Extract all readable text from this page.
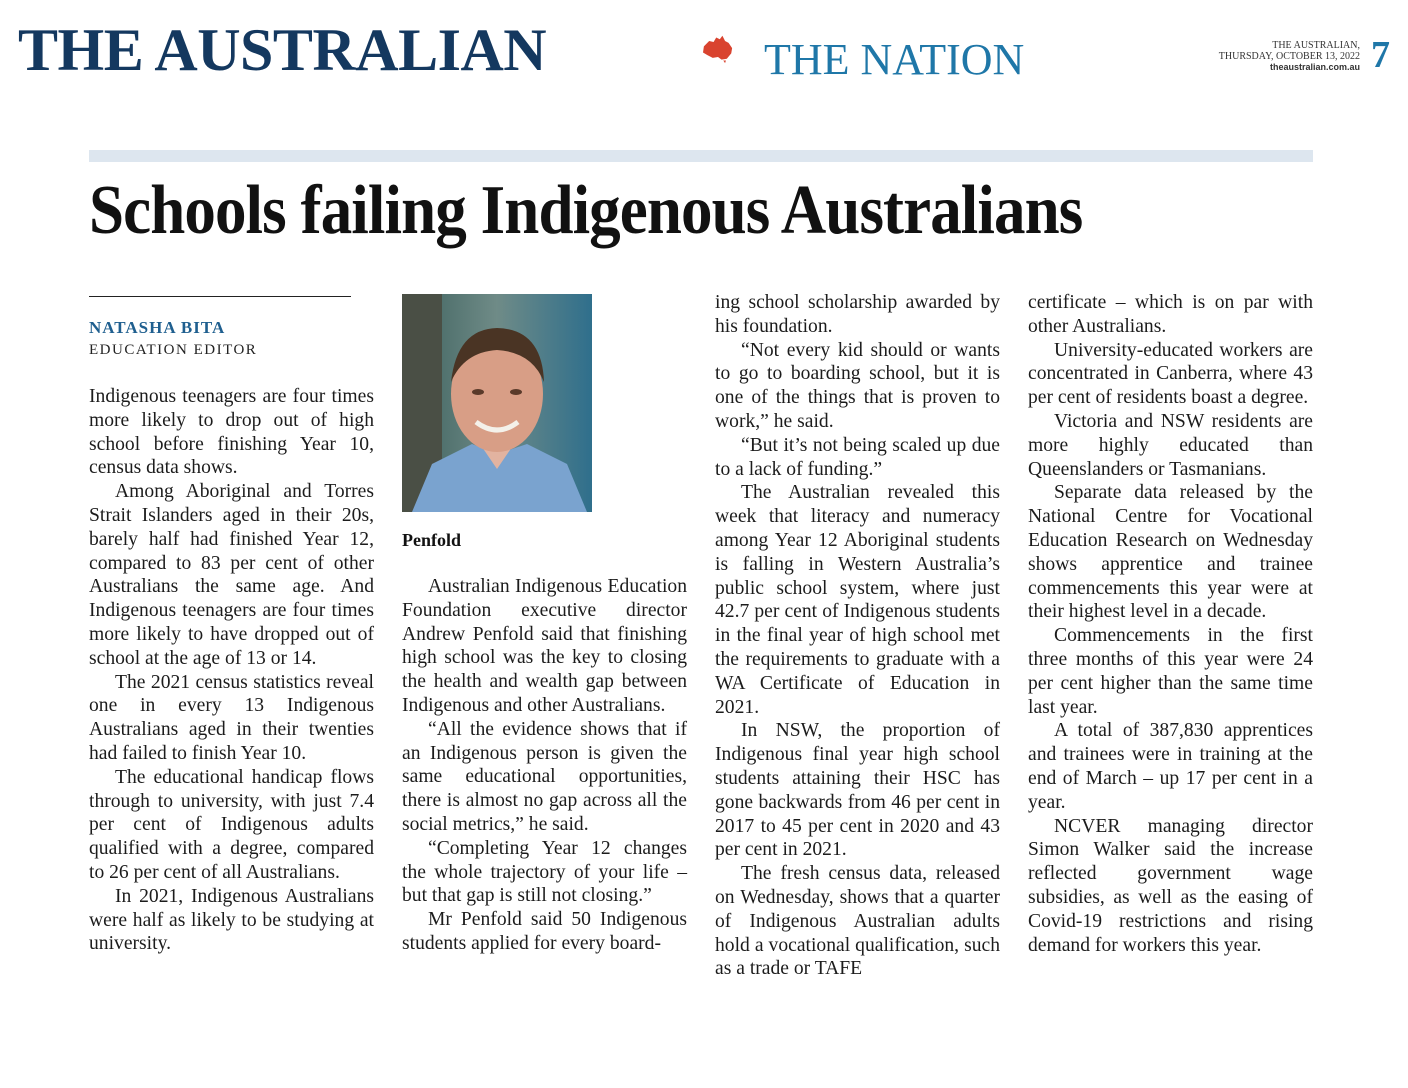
THE AUSTRALIAN	THE NATION	THE AUSTRALIAN,
THURSDAY, OCTOBER 13, 2022
theaustralian.com.au 7
Schools failing Indigenous Australians
NATASHA BITA
EDUCATION EDITOR

Indigenous teenagers are four times more likely to drop out of high school before finishing Year 10, census data shows.

Among Aboriginal and Torres Strait Islanders aged in their 20s, barely half had finished Year 12, compared to 83 per cent of other Australians the same age. And Indigenous teenagers are four times more likely to have dropped out of school at the age of 13 or 14.

The 2021 census statistics reveal one in every 13 Indigenous Australians aged in their twenties had failed to finish Year 10.

The educational handicap flows through to university, with just 7.4 per cent of Indigenous adults qualified with a degree, compared to 26 per cent of all Australians.

In 2021, Indigenous Australians were half as likely to be studying at university.

Penfold

Australian Indigenous Education Foundation executive director Andrew Penfold said that finishing high school was the key to closing the health and wealth gap between Indigenous and other Australians.

“All the evidence shows that if an Indigenous person is given the same educational opportunities, there is almost no gap across all the social metrics,” he said.

“Completing Year 12 changes the whole trajectory of your life – but that gap is still not closing.”

Mr Penfold said 50 Indigenous students applied for every board-

ing school scholarship awarded by his foundation.

“Not every kid should or wants to go to boarding school, but it is one of the things that is proven to work,” he said.

“But it’s not being scaled up due to a lack of funding.”

The Australian revealed this week that literacy and numeracy among Year 12 Aboriginal students is falling in Western Australia’s public school system, where just 42.7 per cent of Indigenous students in the final year of high school met the requirements to graduate with a WA Certificate of Education in 2021.

In NSW, the proportion of Indigenous final year high school students attaining their HSC has gone backwards from 46 per cent in 2017 to 45 per cent in 2020 and 43 per cent in 2021.

The fresh census data, released on Wednesday, shows that a quarter of Indigenous Australian adults hold a vocational qualification, such as a trade or TAFE

certificate – which is on par with other Australians.

University-educated workers are concentrated in Canberra, where 43 per cent of residents boast a degree.

Victoria and NSW residents are more highly educated than Queenslanders or Tasmanians.

Separate data released by the National Centre for Vocational Education Research on Wednesday shows apprentice and trainee commencements this year were at their highest level in a decade.

Commencements in the first three months of this year were 24 per cent higher than the same time last year.

A total of 387,830 apprentices and trainees were in training at the end of March – up 17 per cent in a year.

NCVER managing director Simon Walker said the increase reflected government wage subsidies, as well as the easing of Covid-19 restrictions and rising demand for workers this year.
